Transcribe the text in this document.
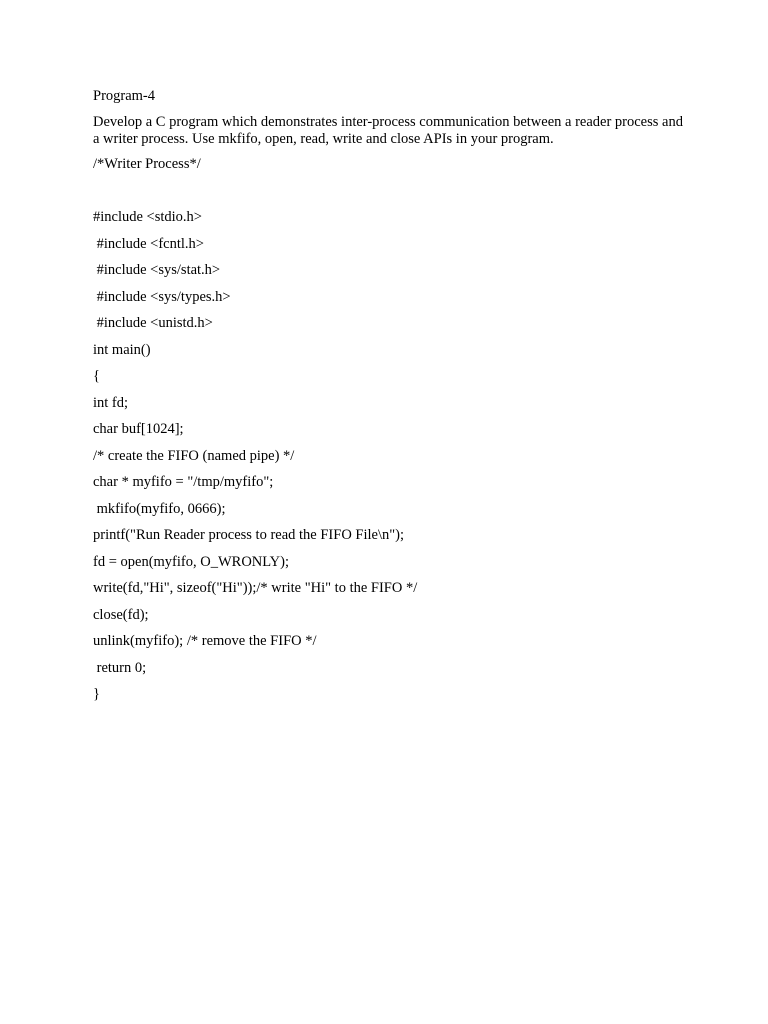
Program-4

Develop a C program which demonstrates inter-process communication between a reader process and a writer process. Use mkfifo, open, read, write and close APIs in your program.

/*Writer Process*/

#include <stdio.h>
#include <fcntl.h>
#include <sys/stat.h>
#include <sys/types.h>
#include <unistd.h>
int main()
{
int fd;
char buf[1024];
/* create the FIFO (named pipe) */
char * myfifo = "/tmp/myfifo";
mkfifo(myfifo, 0666);
printf("Run Reader process to read the FIFO File\n");
fd = open(myfifo, O_WRONLY);
write(fd,"Hi", sizeof("Hi"));/* write "Hi" to the FIFO */
close(fd);
unlink(myfifo); /* remove the FIFO */
return 0;
}
